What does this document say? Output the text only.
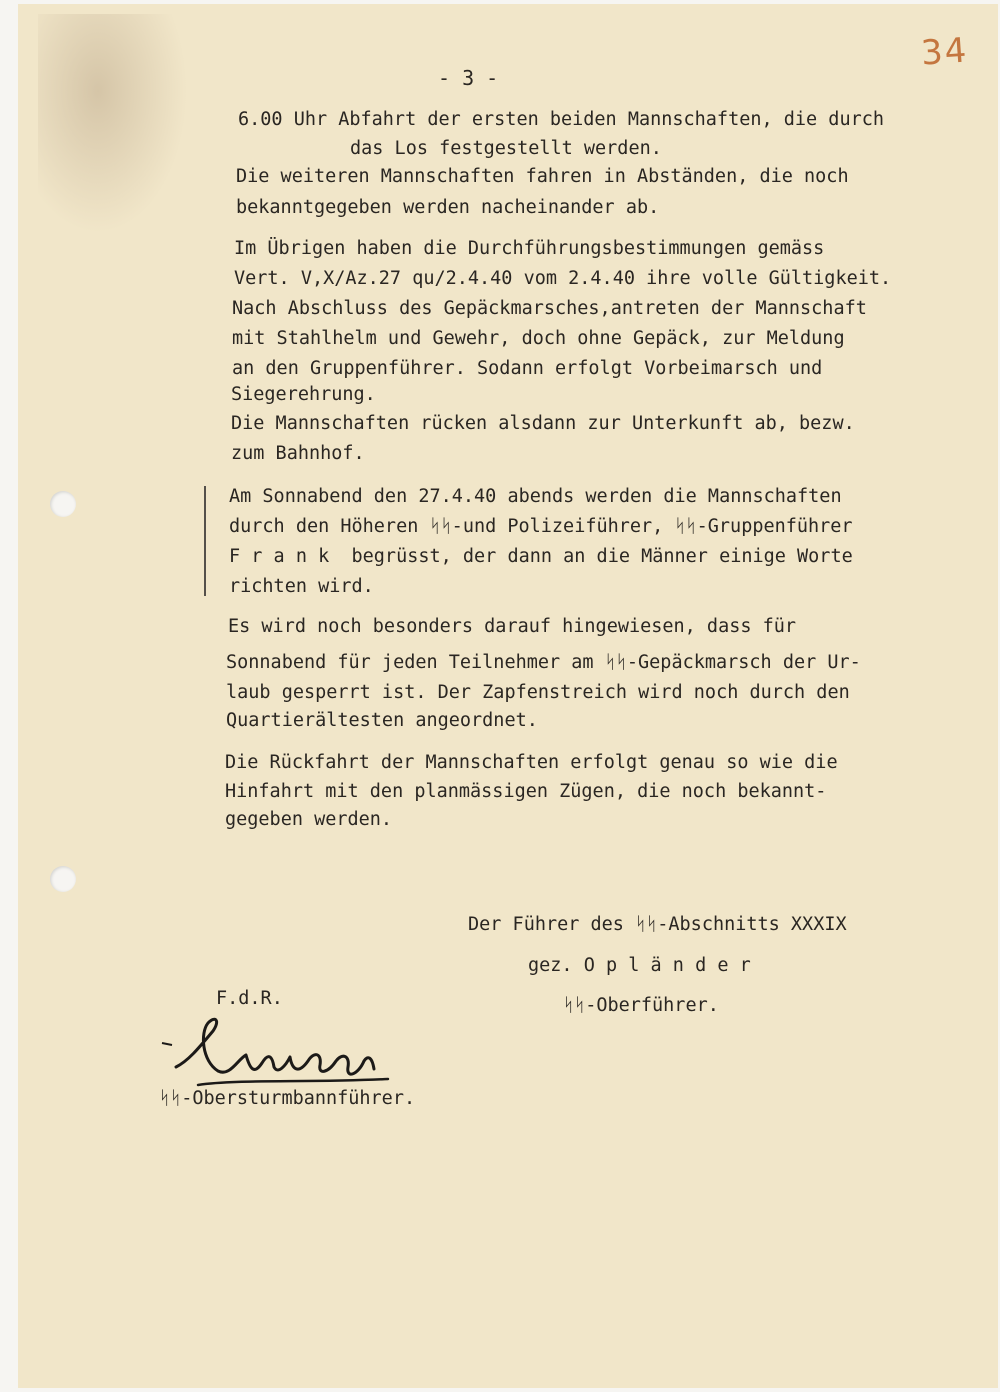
34
- 3 -
6.00 Uhr Abfahrt der ersten beiden Mannschaften, die durch
das Los festgestellt werden.
Die weiteren Mannschaften fahren in Abständen, die noch
bekanntgegeben werden nacheinander ab.
Im Übrigen haben die Durchführungsbestimmungen gemäss
Vert. V,X/Az.27 qu/2.4.40 vom 2.4.40 ihre volle Gültigkeit.
Nach Abschluss des Gepäckmarsches,antreten der Mannschaft
mit Stahlhelm und Gewehr, doch ohne Gepäck, zur Meldung
an den Gruppenführer. Sodann erfolgt Vorbeimarsch und
Siegerehrung.
Die Mannschaften rücken alsdann zur Unterkunft ab, bezw.
zum Bahnhof.
Am Sonnabend den 27.4.40 abends werden die Mannschaften
durch den Höheren ᛋᛋ-und Polizeiführer, ᛋᛋ-Gruppenführer
F r a n k  begrüsst, der dann an die Männer einige Worte
richten wird.
Es wird noch besonders darauf hingewiesen, dass für
Sonnabend für jeden Teilnehmer am ᛋᛋ-Gepäckmarsch der Ur-
laub gesperrt ist. Der Zapfenstreich wird noch durch den
Quartierältesten angeordnet.
Die Rückfahrt der Mannschaften erfolgt genau so wie die
Hinfahrt mit den planmässigen Zügen, die noch bekannt-
gegeben werden.
Der Führer des ᛋᛋ-Abschnitts XXXIX
gez. O p l ä n d e r
ᛋᛋ-Oberführer.
F.d.R.
ᛋᛋ-Obersturmbannführer.
